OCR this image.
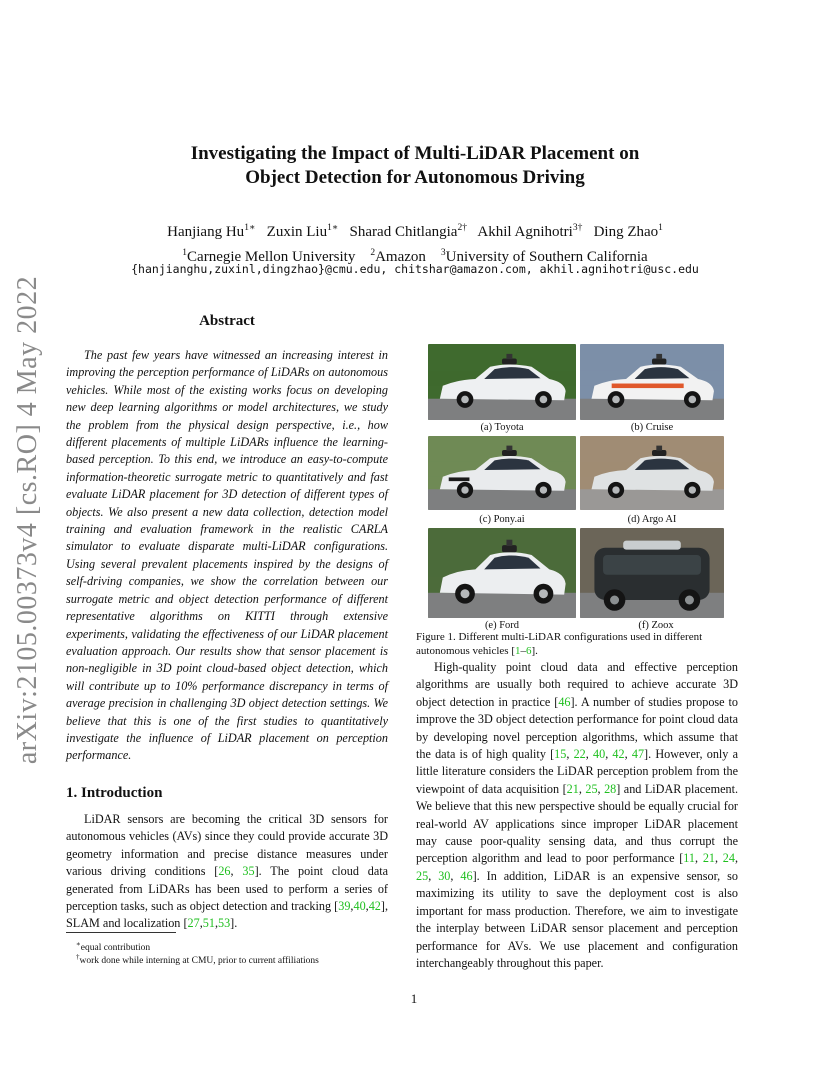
arXiv:2105.00373v4 [cs.RO] 4 May 2022
Investigating the Impact of Multi-LiDAR Placement on
Object Detection for Autonomous Driving
Hanjiang $Hu^{1∗}$ Zuxin Liu$^{1∗}$ Sharad Chitlangia$^{2\dagger}$ Akhil Agnihotri$^{3\dagger}$ Ding Zhao$^1$
$^1$Carnegie Mellon University $^2$Amazon $^3$University of Southern California
{hanjianghu,zuxinl,dingzhao}@cmu.edu, chitshar@amazon.com, akhil.agnihotri@usc.edu
Abstract
The past few years have witnessed an increasing interest in improving the perception performance of LiDARs on autonomous vehicles. While most of the existing works focus on developing new deep learning algorithms or model architectures, we study the problem from the physical design perspective, i.e., how different placements of multiple LiDARs influence the learning-based perception. To this end, we introduce an easy-to-compute information-theoretic surrogate metric to quantitatively and fast evaluate LiDAR placement for 3D detection of different types of objects. We also present a new data collection, detection model training and evaluation framework in the realistic CARLA simulator to evaluate disparate multi-LiDAR configurations. Using several prevalent placements inspired by the designs of self-driving companies, we show the correlation between our surrogate metric and object detection performance of different representative algorithms on KITTI through extensive experiments, validating the effectiveness of our LiDAR placement evaluation approach. Our results show that sensor placement is non-negligible in 3D point cloud-based object detection, which will contribute up to 10% performance discrepancy in terms of average precision in challenging 3D object detection settings. We believe that this is one of the first studies to quantitatively investigate the influence of LiDAR placement on perception performance.
1. Introduction
LiDAR sensors are becoming the critical 3D sensors for autonomous vehicles (AVs) since they could provide accurate 3D geometry information and precise distance measures under various driving conditions [26, 35]. The point cloud data generated from LiDARs has been used to perform a series of perception tasks, such as object detection and tracking [39,40,42], SLAM and localization [27,51,53].
∗equal contribution
†work done while interning at CMU, prior to current affiliations
(a) Toyota	(b) Cruise
(c) Pony.ai	(d) Argo AI
(e) Ford	(f) Zoox
Figure 1. Different multi-LiDAR configurations used in different autonomous vehicles [1–6].
High-quality point cloud data and effective perception algorithms are usually both required to achieve accurate 3D object detection in practice [46]. A number of studies propose to improve the 3D object detection performance for point cloud data by developing novel perception algorithms, which assume that the data is of high quality [15, 22, 40, 42, 47]. However, only a little literature considers the LiDAR perception problem from the viewpoint of data acquisition [21, 25, 28] and LiDAR placement. We believe that this new perspective should be equally crucial for real-world AV applications since improper LiDAR placement may cause poor-quality sensing data, and thus corrupt the perception algorithm and lead to poor performance [11, 21, 24, 25, 30, 46]. In addition, LiDAR is an expensive sensor, so maximizing its utility to save the deployment cost is also important for mass production. Therefore, we aim to investigate the interplay between LiDAR sensor placement and perception performance for AVs. We use placement and configuration interchangeably throughout this paper.
1
